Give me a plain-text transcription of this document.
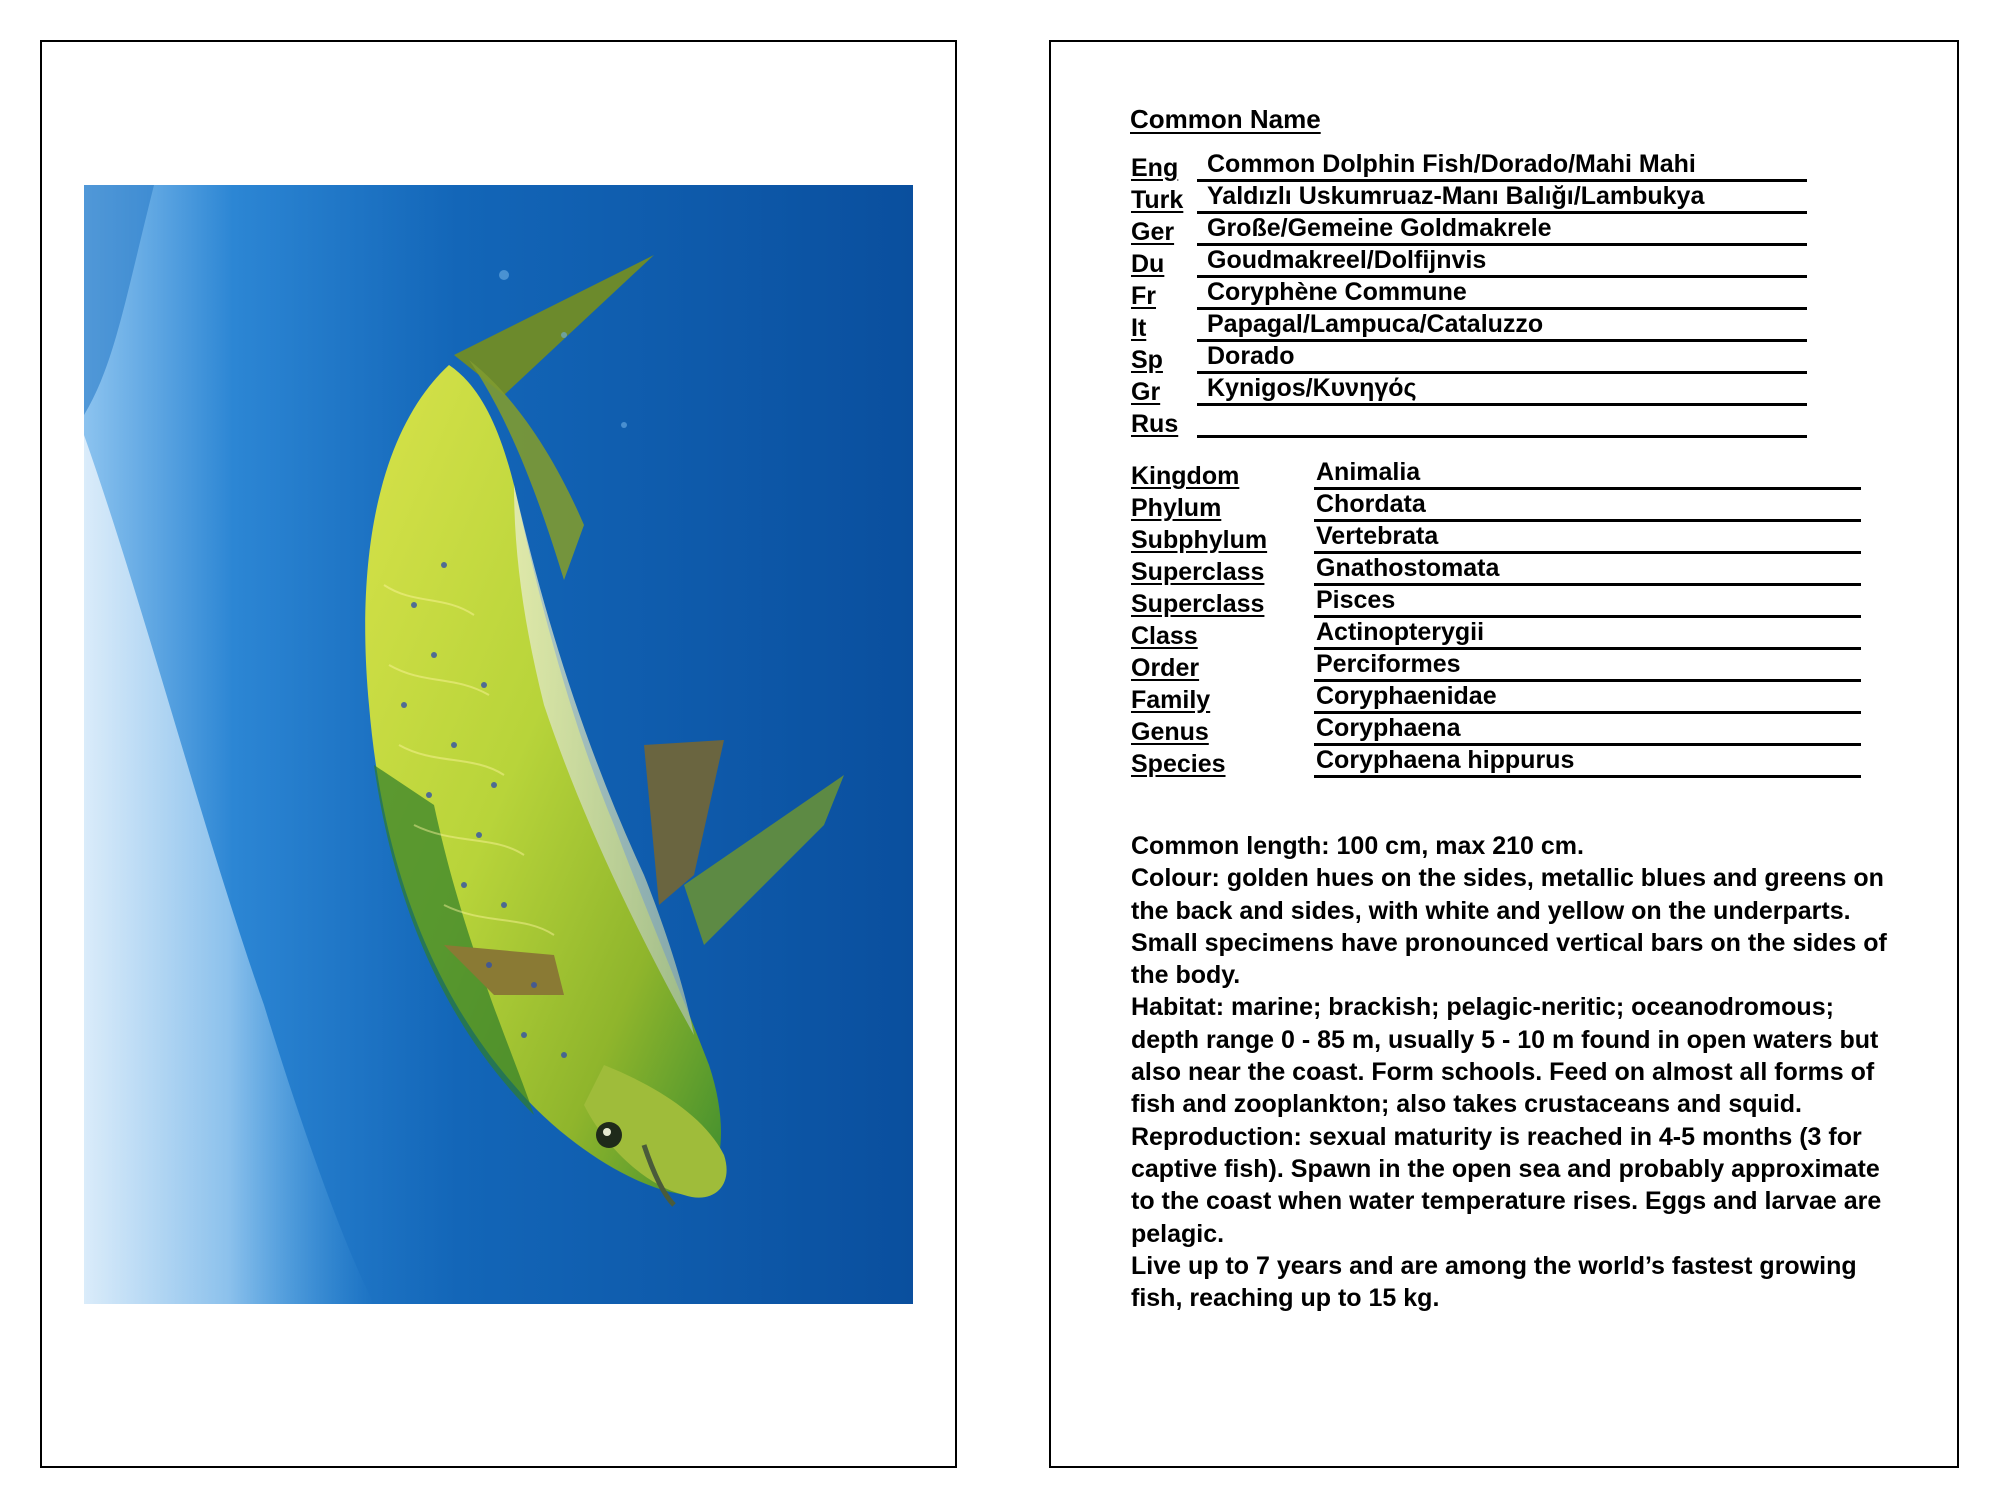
Common Name
Eng	Common Dolphin Fish/Dorado/Mahi Mahi
Turk Yaldızlı Uskumruaz-Manı Balığı/Lambukya
Ger	Große/Gemeine Goldmakrele
Du	Goudmakreel/Dolfijnvis
Fr	Coryphène Commune
It	Papagal/Lampuca/Cataluzzo
Sp	Dorado
Gr	Kynigos/Κυνηγός
Rus
Kingdom	Animalia
Phylum	Chordata
Subphylum	Vertebrata
Superclass	Gnathostomata
Superclass	Pisces
Class	Actinopterygii
Order	Perciformes
Family	Coryphaenidae
Genus	Coryphaena
Species	Coryphaena hippurus

Common length: 100 cm, max 210 cm.

Colour: golden hues on the sides, metallic blues and greens on the back and sides, with white and yellow on the underparts. Small specimens have pronounced vertical bars on the sides of the body.

Habitat: marine; brackish; pelagic-neritic; oceanodromous; depth range 0 - 85 m, usually 5 - 10 m found in open waters but also near the coast. Form schools. Feed on almost all forms of fish and zooplankton; also takes crustaceans and squid.

Reproduction: sexual maturity is reached in 4-5 months (3 for captive fish). Spawn in the open sea and probably approximate to the coast when water temperature rises. Eggs and larvae are pelagic.

Live up to 7 years and are among the world’s fastest growing fish, reaching up to 15 kg.
